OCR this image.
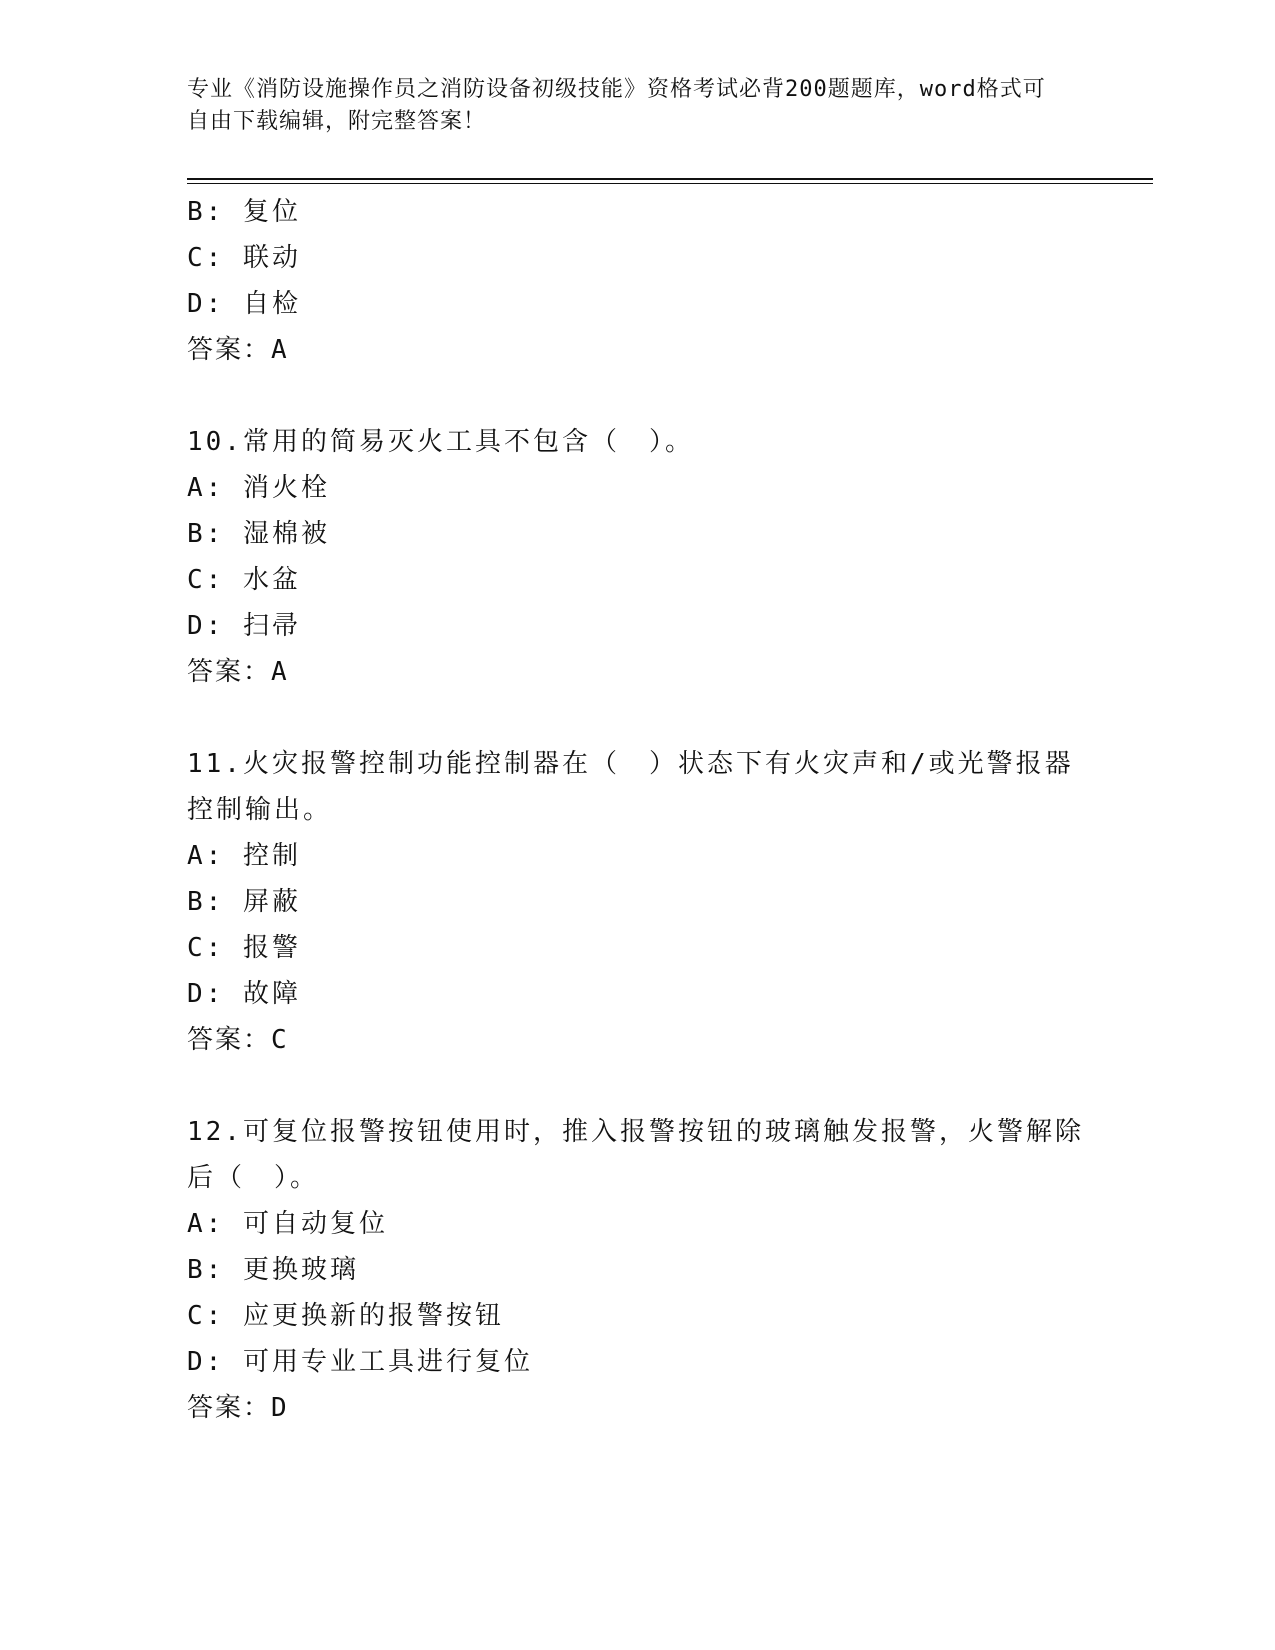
专业《消防设施操作员之消防设备初级技能》资格考试必背200题题库，word格式可自由下载编辑，附完整答案！
B: 复位
C: 联动
D: 自检
答案：A
10.常用的简易灭火工具不包含（　）。
A: 消火栓
B: 湿棉被
C: 水盆
D: 扫帚
答案：A
11.火灾报警控制功能控制器在（　）状态下有火灾声和/或光警报器控制输出。
A: 控制
B: 屏蔽
C: 报警
D: 故障
答案：C
12.可复位报警按钮使用时，推入报警按钮的玻璃触发报警，火警解除后（　）。
A: 可自动复位
B: 更换玻璃
C: 应更换新的报警按钮
D: 可用专业工具进行复位
答案：D
